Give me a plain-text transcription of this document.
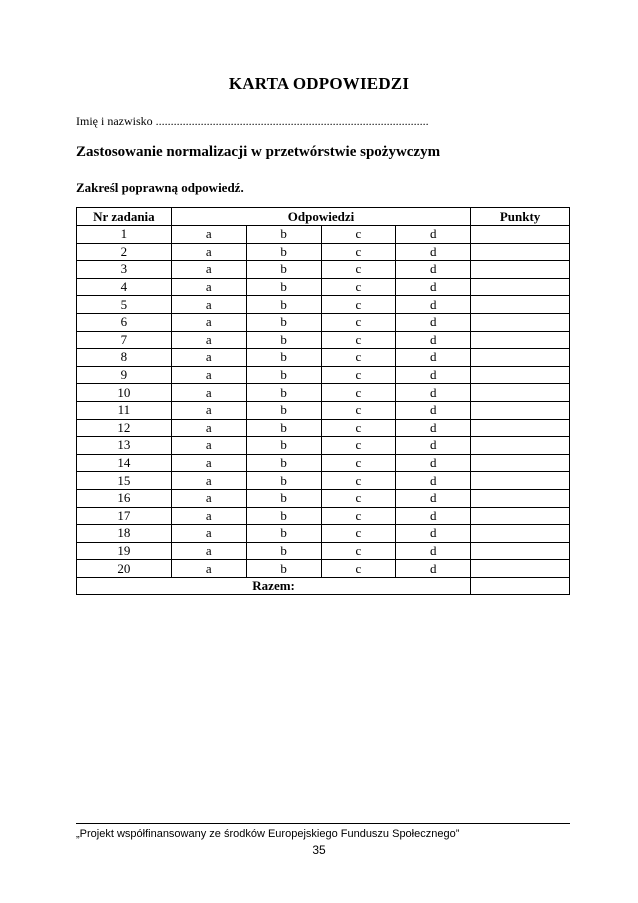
KARTA ODPOWIEDZI
Imię i nazwisko ...........................................................................................
Zastosowanie normalizacji w przetwórstwie spożywczym
Zakreśl poprawną odpowiedź.
Nr zadania	Odpowiedzi				Punkty
1	a	b	c	d	
2	a	b	c	d	
3	a	b	c	d	
4	a	b	c	d	
5	a	b	c	d	
6	a	b	c	d	
7	a	b	c	d	
8	a	b	c	d	
9	a	b	c	d	
10	a	b	c	d	
11	a	b	c	d	
12	a	b	c	d	
13	a	b	c	d	
14	a	b	c	d	
15	a	b	c	d	
16	a	b	c	d	
17	a	b	c	d	
18	a	b	c	d	
19	a	b	c	d	
20	a	b	c	d	
Razem:					
„Projekt współfinansowany ze środków Europejskiego Funduszu Społecznego”
35
